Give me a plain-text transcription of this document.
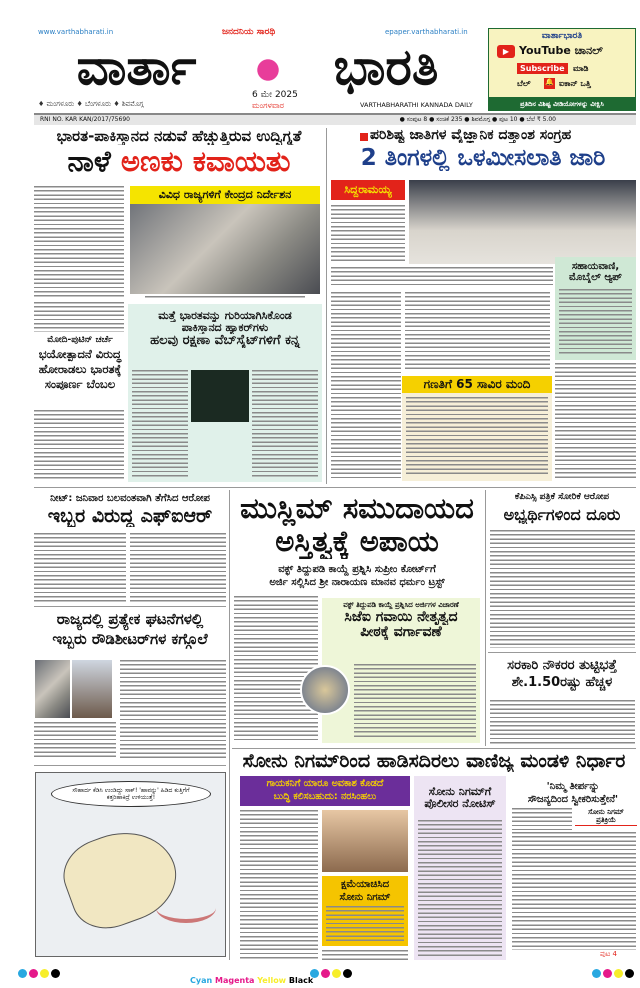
www.varthabharati.in	ಜನದನಿಯ ಸಾರಥಿ	epaper.varthabharati.in
ವಾರ್ತಾ	ಭಾರತಿ
♦ ಮಂಗಳೂರು ♦ ಬೆಂಗಳೂರು ♦ ಶಿವಮೊಗ್ಗ
6 ಮೇ 2025
ಮಂಗಳವಾರ	VARTHABHARATHI KANNADA DAILY
ವಾರ್ತಾಭಾರತಿ
▶ YouTube ಚಾನಲ್
Subscribe	ಮಾಡಿ
ಬೆಲ್ 🔔 ಐಕಾನ್ ಒತ್ತಿ
ಪ್ರತಿದಿನ ವಿಶಿಷ್ಟ ವೀಡಿಯೋಗಳನ್ನು ವೀಕ್ಷಿಸಿ
RNI NO. KAR KAN/2017/75690	● ಸಂಪುಟ 8 ● ಸಂಚಿಕೆ 235 ● ಶಿವಮೊಗ್ಗ ● ಪುಟ 10 ● ಬೆಲೆ ₹ 5.00
ಭಾರತ-ಪಾಕಿಸ್ತಾನದ ನಡುವೆ ಹೆಚ್ಚುತ್ತಿರುವ ಉದ್ವಿಗ್ನತೆ
ನಾಳೆ ಅಣಕು ಕವಾಯತು
ವಿವಿಧ ರಾಜ್ಯಗಳಿಗೆ ಕೇಂದ್ರದ ನಿರ್ದೇಶನ
ಮೋದಿ-ಪುಟಿನ್ ಚರ್ಚೆ
ಭಯೋತ್ಪಾದನೆ ವಿರುದ್ಧ
ಹೋರಾಡಲು ಭಾರತಕ್ಕೆ
ಸಂಪೂರ್ಣ ಬೆಂಬಲ
ಮತ್ತೆ ಭಾರತವನ್ನು ಗುರಿಯಾಗಿಸಿಕೊಂಡ
ಪಾಕಿಸ್ತಾನದ ಹ್ಯಾಕರ್‌ಗಳು
ಹಲವು ರಕ್ಷಣಾ ವೆಬ್‌ಸೈಟ್‌ಗಳಿಗೆ ಕನ್ನ
ಪರಿಶಿಷ್ಟ ಜಾತಿಗಳ ವೈಜ್ಞಾನಿಕ ದತ್ತಾಂಶ ಸಂಗ್ರಹ
2 ತಿಂಗಳಲ್ಲಿ ಒಳಮೀಸಲಾತಿ ಜಾರಿ
ಸಿದ್ದರಾಮಯ್ಯ
ಸಹಾಯವಾಣಿ, ಮೊಬೈಲ್ ಆ್ಯಪ್
ಗಣತಿಗೆ 65 ಸಾವಿರ ಮಂದಿ
ನೀಟ್: ಜನಿವಾರ ಬಲವಂತವಾಗಿ ತೆಗೆಸಿದ ಆರೋಪ
ಇಬ್ಬರ ವಿರುದ್ಧ ಎಫ್‌ಐಆರ್
ರಾಜ್ಯದಲ್ಲಿ ಪ್ರತ್ಯೇಕ ಘಟನೆಗಳಲ್ಲಿ
ಇಬ್ಬರು ರೌಡಿಶೀಟರ್‌ಗಳ ಕಗ್ಗೊಲೆ
ಸೌಹಾರ್ದ ಕೆಡಿಸಿ ಉಂಡಿದ್ದು ಸಾಕ್! 'ಹಾವನ್ನು' ಹಿಡಿದ ಕುತ್ತಿಗೆಗೆ ಕತ್ತರಿಹಾಕಿದ್ರೆ ಉಳಿಯುತ್ತೆ!
ಮುಸ್ಲಿಮ್ ಸಮುದಾಯದ
ಅಸ್ತಿತ್ವಕ್ಕೆ ಅಪಾಯ
ವಕ್ಫ್ ತಿದ್ದುಪಡಿ ಕಾಯ್ದೆ ಪ್ರಶ್ನಿಸಿ ಸುಪ್ರೀಂ ಕೋರ್ಟ್‌ಗೆ
ಅರ್ಜಿ ಸಲ್ಲಿಸಿದ ಶ್ರೀ ನಾರಾಯಣ ಮಾನವ ಧರ್ಮಂ ಟ್ರಸ್ಟ್
ವಕ್ಫ್ ತಿದ್ದುಪಡಿ ಕಾಯ್ದೆ ಪ್ರಶ್ನಿಸಿದ ಅರ್ಜಿಗಳ ವಿಚಾರಣೆ
ಸಿಜೆಐ ಗವಾಯಿ ನೇತೃತ್ವದ
ಪೀಠಕ್ಕೆ ವರ್ಗಾವಣೆ
ಕೆಪಿಎಸ್ಸಿ ಪತ್ರಿಕೆ ಸೋರಿಕೆ ಆರೋಪ
ಅಭ್ಯರ್ಥಿಗಳಿಂದ ದೂರು
ಸರಕಾರಿ ನೌಕರರ ತುಟ್ಟಿಭತ್ತೆ
ಶೇ.1.50ರಷ್ಟು ಹೆಚ್ಚಳ
ಸೋನು ನಿಗಮ್‌ರಿಂದ ಹಾಡಿಸದಿರಲು ವಾಣಿಜ್ಯ ಮಂಡಳಿ ನಿರ್ಧಾರ
ಗಾಯಕನಿಗೆ ಯಾರೂ ಅವಕಾಶ ಕೊಡದೆ
ಬುದ್ಧಿ ಕಲಿಸಬಹುದು: ನರಸಿಂಹಲು
ಕ್ಷಮೆಯಾಚಿಸಿದ
ಸೋನು ನಿಗಮ್
ಸೋನು ನಿಗಮ್‌ಗೆ
ಪೊಲೀಸರ ನೋಟಿಸ್
'ನಿಮ್ಮ ತೀರ್ಪನ್ನು
ಸೌಜನ್ಯದಿಂದ ಸ್ವೀಕರಿಸುತ್ತೇನೆ'
ಸೋನು ನಿಗಮ್
ಪ್ರತಿಕ್ರಿಯೆ
ಪುಟ 4
Cyan Magenta Yellow Black
